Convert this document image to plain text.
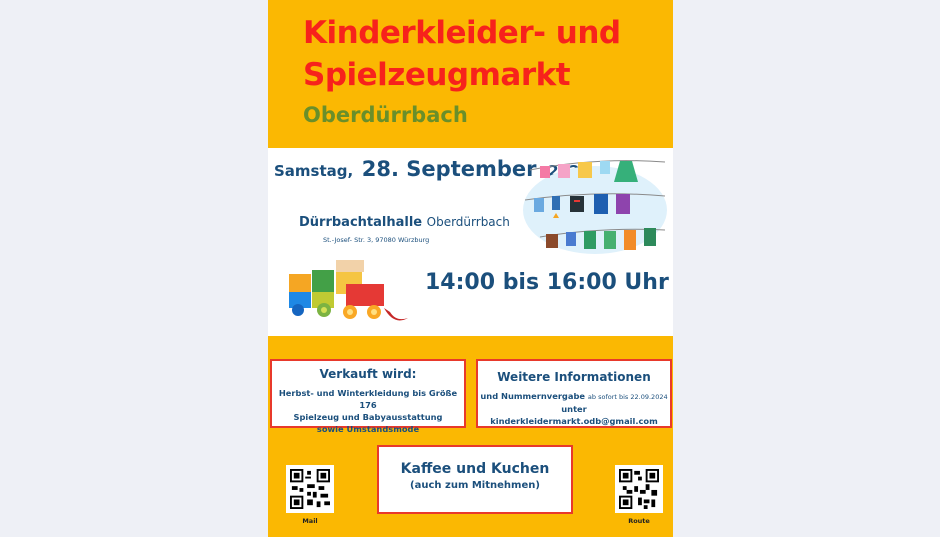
Kinderkleider- und
Spielzeugmarkt
Oberdürrbach
Samstag, 28. September
Dürrbachtalhalle Oberdürrbach
St.-Josef- Str. 3, 97080 Würzburg
14:00 bis 16:00 Uhr
Verkauft wird:
Herbst- und Winterkleidung bis Größe 176
Spielzeug und Babyausstattung
sowie Umstandsmode
Weitere Informationen
und Nummernvergabe ab sofort bis 22.09.2024
unter kinderkleidermarkt.odb@gmail.com
Kaffee und Kuchen
(auch zum Mitnehmen)
Mail	Route
